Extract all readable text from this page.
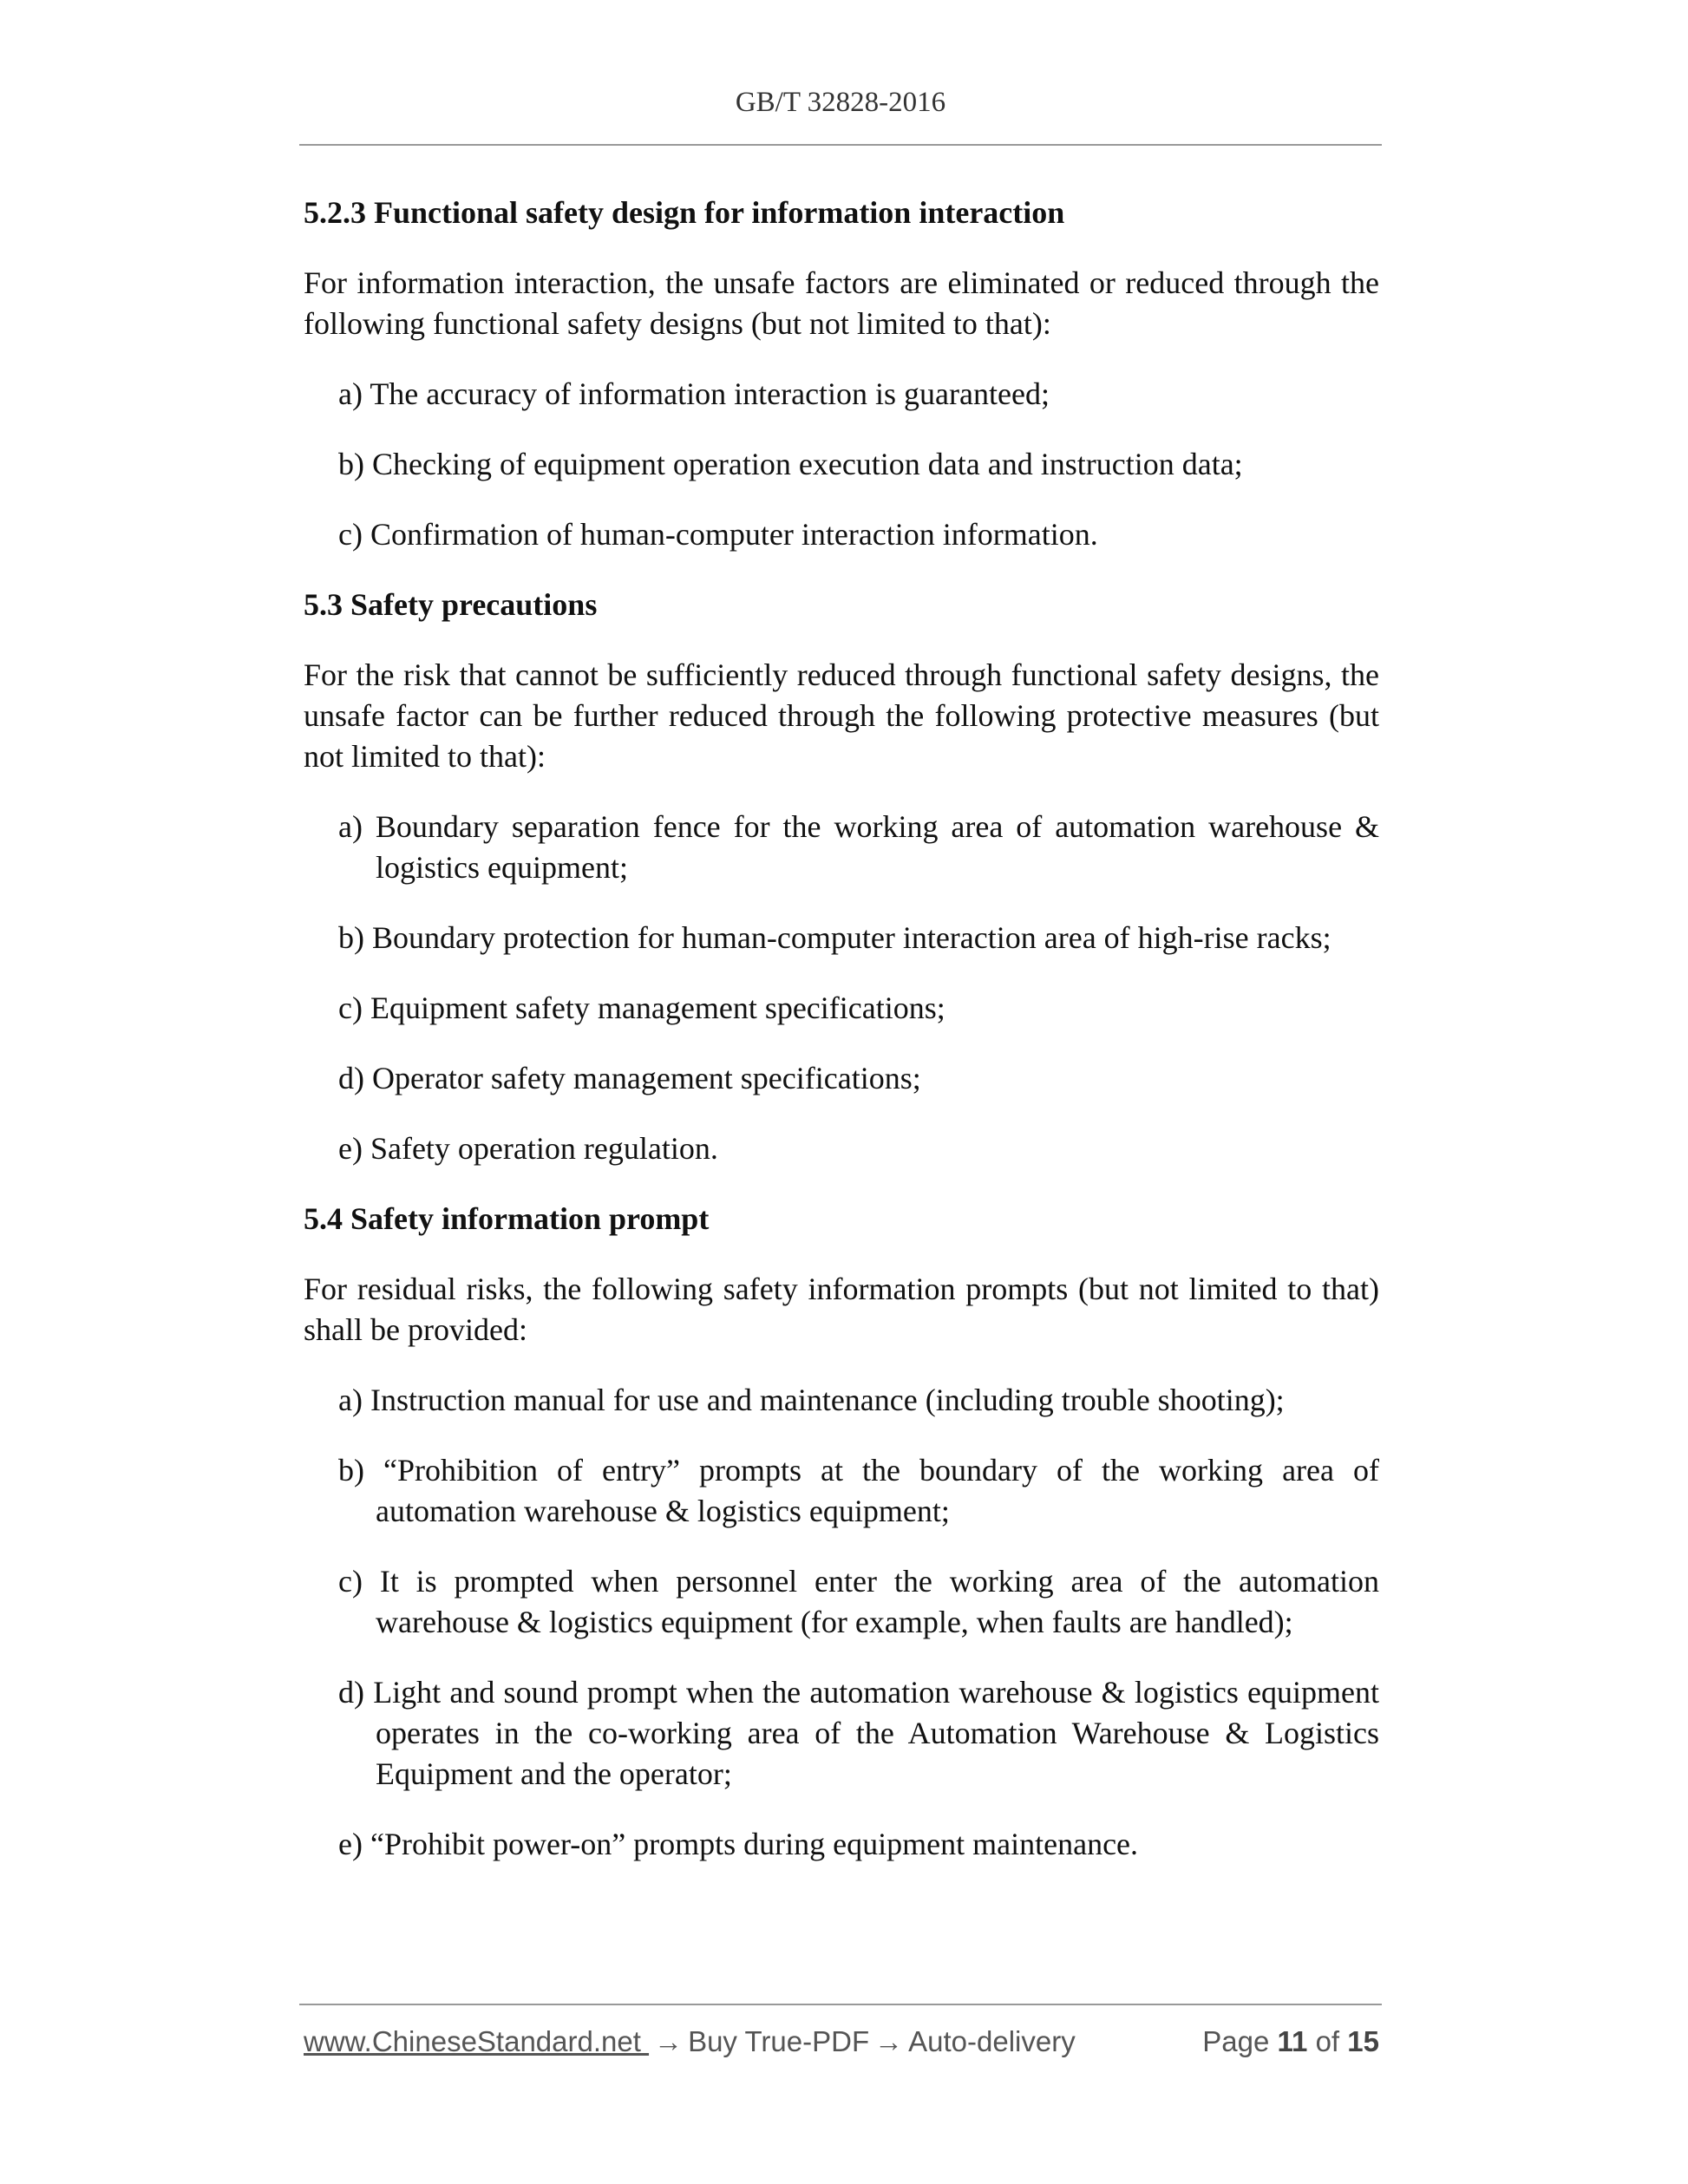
GB/T 32828-2016
5.2.3 Functional safety design for information interaction
For information interaction, the unsafe factors are eliminated or reduced through the following functional safety designs (but not limited to that):
a) The accuracy of information interaction is guaranteed;
b) Checking of equipment operation execution data and instruction data;
c) Confirmation of human-computer interaction information.
5.3 Safety precautions
For the risk that cannot be sufficiently reduced through functional safety designs, the unsafe factor can be further reduced through the following protective measures (but not limited to that):
a) Boundary separation fence for the working area of automation warehouse & logistics equipment;
b) Boundary protection for human-computer interaction area of high-rise racks;
c) Equipment safety management specifications;
d) Operator safety management specifications;
e) Safety operation regulation.
5.4 Safety information prompt
For residual risks, the following safety information prompts (but not limited to that) shall be provided:
a) Instruction manual for use and maintenance (including trouble shooting);
b) “Prohibition of entry” prompts at the boundary of the working area of automation warehouse & logistics equipment;
c) It is prompted when personnel enter the working area of the automation warehouse & logistics equipment (for example, when faults are handled);
d) Light and sound prompt when the automation warehouse & logistics equipment operates in the co-working area of the Automation Warehouse & Logistics Equipment and the operator;
e) “Prohibit power-on” prompts during equipment maintenance.
www.ChineseStandard.net → Buy True-PDF → Auto-delivery	Page 11 of 15
